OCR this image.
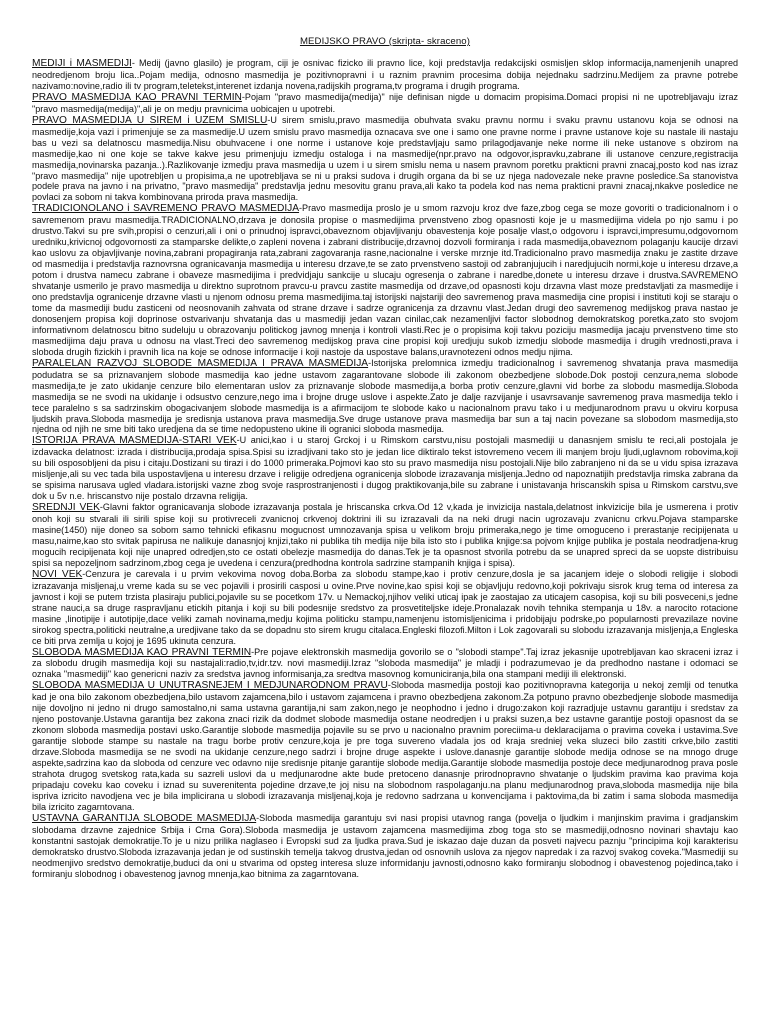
MEDIJSKO PRAVO (skripta- skraceno)

MEDIJI i MASMEDIJI- Medij (javno glasilo) je program, ciji je osnivac fizicko ili pravno lice, koji predstavlja redakcijski osmisljen sklop informacija,namenjenih unapred neodredjenom broju lica..Pojam medija, odnosno masmedija je pozitivnopravni i u raznim pravnim procesima dobija nejednaku sadrzinu.Medijem za pravne potrebe nazivamo:novine,radio ili tv program,teletekst,interenet izdanja novena,radijskih programa,tv programa i drugih programa.

PRAVO MASMEDIJA KAO PRAVNI TERMIN-Pojam "pravo masmedija(medija)" nije definisan nigde u domacim propisima.Domaci propisi ni ne upotrebljavaju izraz "pravo masmedija(medija)",ali je on medju pravnicima uobicajen u upotrebi.

PRAVO MASMEDIJA U SIREM i UZEM SMISLU-U sirem smislu,pravo masmedija obuhvata svaku pravnu normu i svaku pravnu ustanovu koja se odnosi na masmedije,koja vazi i primenjuje se za masmedije.U uzem smislu pravo masmedija oznacava sve one i samo one pravne norme i pravne ustanove koje su nastale ili nastaju bas u vezi sa delatnoscu masmedija.Nisu obuhvacene i one norme i ustanove koje predstavljaju samo prilagodjavanje neke norme ili neke ustanove s obzirom na masmedije,kao ni one koje se takve kakve jesu primenjuju izmedju ostaloga i na masmedije(npr.pravo na odgovor,ispravku,zabrane ili ustanove cenzure,registracija masmedija,novinarska pazanja..).Razlikovanje izmedju prava masmedija u uzem i u sirem smislu nema u nasem pravnom poretku prakticni pravni znacaj,posto kod nas izraz "pravo masmedija" nije upotrebljen u propisima,a ne upotrebljava se ni u praksi sudova i drugih organa da bi se uz njega nadovezale neke pravne posledice.Sa stanovistva podele prava na javno i na privatno, "pravo masmedija" predstavlja jednu mesovitu granu prava,ali kako ta podela kod nas nema prakticni pravni znacaj,nkakve posledice ne povlaci za sobom ni takva kombinovana priroda prava masmedija.

TRADICIONOLANO i SAVREMENO PRAVO MASMEDIJA-Pravo masmedija proslo je u smom razvoju kroz dve faze,zbog cega se moze govoriti o tradicionalnom i o savremenom pravu masmedija.TRADICIONALNO,drzava je donosila propise o masmedijima prvenstveno zbog opasnosti koje je u masmedijima videla po njo samu i po drustvo.Takvi su pre svih,propisi o cenzuri,ali i oni o prinudnoj ispravci,obaveznom objavljivanju obavestenja koje posalje vlast,o odgovoru i ispravci,impresumu,odgovornom uredniku,krivicnoj odgovornosti za stamparske delikte,o zapleni novena i zabrani distribucije,drzavnoj dozvoli formiranja i rada masmedija,obaveznom polaganju kaucije drzavi kao uslovu za objavljivanje novina,zabrani propagiranja rata,zabrani zagovaranja rasne,nacionalne i verske mrznje itd.Tradicionalno pravo masmedija znaku je zastite drzave od masmedija i predstavlja raznovrsna ogranicavanja masmedija u interesu drzave,te se zato prvenstveno sastoji od zabranjujucih i naredjujucih normi,koje u interesu drzave,a potom i drustva namecu zabrane i obaveze masmedijima i predvidjaju sankcije u slucaju ogresenja o zabrane i naredbe,donete u interesu drzave i drustva.SAVREMENO shvatanje usmerilo je pravo masmedija u direktno suprotnom pravcu-u pravcu zastite masmedija od drzave,od opasnosti koju drzavna vlast moze predstavljati za masmedije i ono predstavlja ogranicenje drzavne vlasti u njenom odnosu prema masmedijima.taj istorijski najstariji deo savremenog prava masmedija cine propisi i instituti koji se staraju o tome da masmediji budu zasticeni od neosnovanih zahvata od strane drzave i sadrze ogranicenja za drzavnu vlast.Jedan drugi deo savremenog medijskog prava nastao je donosenjem propisa koji doprinose ostvarivanju shvatanja das u masmediji jedan vazan cinilac,cak nezamenljivi factor slobodnog demokratskog poretka,zato sto svojom informativnom delatnoscu bitno sudeluju u obrazovanju politickog javnog mnenja i kontroli vlasti.Rec je o propisima koji takvu poziciju masmedija jacaju prvenstveno time sto masmedijima daju prava u odnosu na vlast.Treci deo savremenog medijskog prava cine propisi koji uredjuju sukob izmedju slobode masmedija i drugih vrednosti,prava i sloboda drugih fizickih i pravnih lica na koje se odnose informacije i koji nastoje da uspostave balans,uravnotezeni odnos medju njima.

PARALELAN RAZVOJ SLOBODE MASMEDIJA I PRAVA MASMEDIJA-Istorijska prelomnica izmedju tradicionalnog i savremenog shvatanja prava masmedija podudatra se sa priznavanjem slobode masmedija kao jedne ustavom zagarantovane slobode ili zakonom obezbedjene slobode.Dok postoji cenzura,nema slobode masmedija,te je zato ukidanje cenzure bilo elementaran uslov za priznavanje slobode masmedija,a borba protiv cenzure,glavni vid borbe za slobodu masmedija.Sloboda masmedija se ne svodi na ukidanje i odsustvo cenzure,nego ima i brojne druge uslove i aspekte.Zato je dalje razvijanje i usavrsavanje savremenog prava masmedija teklo i tece paralelno s sa sadrzinskim obogacivanjem slobode masmedija is a afirmacijom te slobode kako u nacionalnom pravu tako i u medjunarodnom pravu u okviru korpusa ljudskih prava.Sloboda masmedija je sredisnja ustanova prava masmedija.Sve druge ustanove prava masmedija bar sun a taj nacin povezane sa slobodom masmedija,sto njedna od njih ne sme biti tako uredjena da se time nedopusteno ukine ili ogranici sloboda masmedija.

ISTORIJA PRAVA MASMEDIJA-STARI VEK-U anici,kao i u staroj Grckoj i u Rimskom carstvu,nisu postojali masmediji u danasnjem smislu te reci,ali postojala je izdavacka delatnost: izrada i distribucija,prodaja spisa.Spisi su izradjivani tako sto je jedan lice diktiralo tekst istovremeno vecem ili manjem broju ljudi,uglavnom robovima,koji su bili osposobljeni da pisu i citaju.Dostizani su tirazi i do 1000 primeraka.Pojmovi kao sto su pravo masmedija nisu postojali.Nije bilo zabranjeno ni da se u vidu spisa izrazava misljenje,ali su vec tada bila uspostavljena u interesu drzave i religije odredjena ogranicenja slobode izrazavanja misljenja.Jedno od napoznatijih predstavlja rimska zabrana da se spisima narusava ugled vladara.istorijski vazne zbog svoje rasprostranjenosti i dugog praktikovanja,bile su zabrane i unistavanja hriscanskih spisa u Rimskom carstvu,sve dok u 5v n.e. hriscanstvo nije postalo drzavna religija.

SREDNJI VEK-Glavni faktor ogranicavanja slobode izrazavanja postala je hriscanska crkva.Od 12 v,kada je invizicija nastala,delatnost inkvizicije bila je usmerena i protiv onoh koji su stvarali ili sirili spise koji su protivreceli zvanicnoj crkvenoj doktrini ili su izrazavali da na neki drugi nacin ugrozavaju zvanicnu crkvu.Pojava stamparske masine(1450) nije doneo sa sobom samo tehnicki efikasnu mogucnost umnozavanja spisa u velikom broju primeraka,nego je time omoguceno i prerastanje recipijenata u masu,naime,kao sto svitak papirusa ne nalikuje danasnjoj knjizi,tako ni publika tih medija nije bila isto sto i publika knjige:sa pojvom knjige publika je postala neodradjena-krug mogucih recipijenata koji nije unapred odredjen,sto ce ostati obelezje masmedija do danas.Tek je ta opasnost stvorila potrebu da se unapred spreci da se uopste distribuisu spisi sa nepozeljnom sadrzinom,zbog cega je uvedena i cenzura(predhodna kontrola sadrzine stampanih knjiga i spisa).

NOVI VEK-Cenzura je carevala i u prvim vekovima novog doba.Borba za slobodu stampe,kao i protiv cenzure,dosla je sa jacanjem ideje o slobodi religije i slobodi izrazavanja misljenaj,u vreme kada su se vec pojavili i prosirili casposi u ovine.Prve novine,kao spisi koji se objavljuju redovno,koji pokrivaju sisrok krug tema od interesa za javnost i koji se putem trzista plasiraju publici,pojavile su se pocetkom 17v. u Nemackoj,njihov veliki uticaj ipak je zaostajao za uticajem casopisa, koji su bili posveceni,s jedne strane nauci,a sa druge raspravljanu etickih pitanja i koji su bili podesnije sredstvo za prosvetiteljske ideje.Pronalazak novih tehnika stempanja u 18v. a narocito rotacione masine ,linotipije i autotipije,dace veliki zamah novinama,medju kojima politicku stampu,namenjenu istomisljenicima i pridobijaju podrske,po popularnosti prevazilaze novine sirokog spectra,politicki neutralne,a uredjivane tako da se dopadnu sto sirem krugu citalaca.Engleski filozofi.Milton i Lok zagovarali su slobodu izrazavanja misljenja,a Engleska ce biti prva zemlja u kojoj je 1695 ukinuta cenzura.

SLOBODA MASMEDIJA KAO PRAVNI TERMIN-Pre pojave elektronskih masmedija govorilo se o "slobodi stampe".Taj izraz jekasnije upotrebljavan kao skraceni izraz i za slobodu drugih masmedija koji su nastajali:radio,tv,idr.tzv. novi masmediji.Izraz "sloboda masmedija" je mladji i podrazumevao je da predhodno nastane i odomaci se oznaka "masmediji" kao genericni naziv za sredstva javnog informisanja,za sredtva masovnog komuniciranja,bila ona stampani mediji ili elektronski.

SLOBODA MASMEDIJA U UNUTRASNEJEM I MEDJUNARODNOM PRAVU-Sloboda masmedija postoji kao pozitivnopravna kategorija u nekoj zemlji od tenutka kad je ona bilo zakonom obezbedjena,bilo ustavom zajamcena,bilo i ustavom zajamcena i pravno obezbedjena zakonom.Za potpuno pravno obezbedjenje slobode masmedija nije dovoljno ni jedno ni drugo samostalno,ni sama ustavna garantija,ni sam zakon,nego je neophodno i jedno i drugo:zakon koji razradjuje ustavnu garantiju i sredstav za njeno postovanje.Ustavna garantija bez zakona znaci rizik da dodmet slobode masmedija ostane neodredjen i u praksi suzen,a bez ustavne garantije postoji opasnost da se zkonom sloboda masmedija postavi usko.Garantije slobode masmedija pojavile su se prvo u nacionalno pravnim poreciima-u deklaracijama o pravima coveka i ustavima.Sve garantije slobode stampe su nastale na tragu borbe protiv cenzure,koja je pre toga suvereno vladala jos od kraja sredniej veka sluzeci bilo zastiti crkve,bilo zastiti drzave.Sloboda masmedija se ne svodi na ukidanje cenzure,nego sadrzi i brojne druge aspekte i uslove.danasnje garantije slobode medija odnose se na mnogo druge aspekte,sadrzina kao da sloboda od cenzure vec odavno nije sredisnje pitanje garantije slobode medija.Garantije slobode masmedija postoje dece medjunarodnog prava posle strahota drugog svetskog rata,kada su sazreli uslovi da u medjunarodne akte bude pretoceno danasnje prirodnopravno shvatanje o ljudskim pravima kao pravima koja pripadaju coveku kao coveku i iznad su suverenitenta pojedine drzave,te joj nisu na slobodnom raspolaganju.na planu medjunarodnog prava,sloboda masmedija nije bila ispriva izricito navodjena vec je bila implicirana u slobodi izrazavanja misljenaj,koja je redovno sadrzana u konvencijama i paktovima,da bi zatim i sama sloboda masmedija bila izricito zagarntovana.

USTAVNA GARANTIJA SLOBODE MASMEDIJA-Sloboda masmedija garantuju svi nasi propisi utavnog ranga (povelja o ljudkim i manjinskim pravima i gradjanskim slobodama drzavne zajednice Srbija i Crna Gora).Sloboda masmedija je ustavom zajamcena masmedijima zbog toga sto se masmediji,odnosno novinari shavtaju kao konstantni sastojak demokratije.To je u nizu prilika naglaseo i Evropski sud za ljudka prava.Sud je iskazao daje duzan da posveti najvecu paznju "principima koji karakterisu demokratsko drustvo.Sloboda izrazavanja jedan je od sustinskih temelja takvog drustva,jedan od osnovnih uslova za njegov napredak i za razvoj svakog coveka."Masmediji su neodmenjivo sredstvo demokratije,buduci da oni u stvarima od opsteg interesa sluze informidanju javnosti,odnosno kako formiranju slobodnog i obavestenog pojedinca,tako i formiranju slobodnog i obavestenog javnog mnenja,kao bitnima za zagarntovana.
